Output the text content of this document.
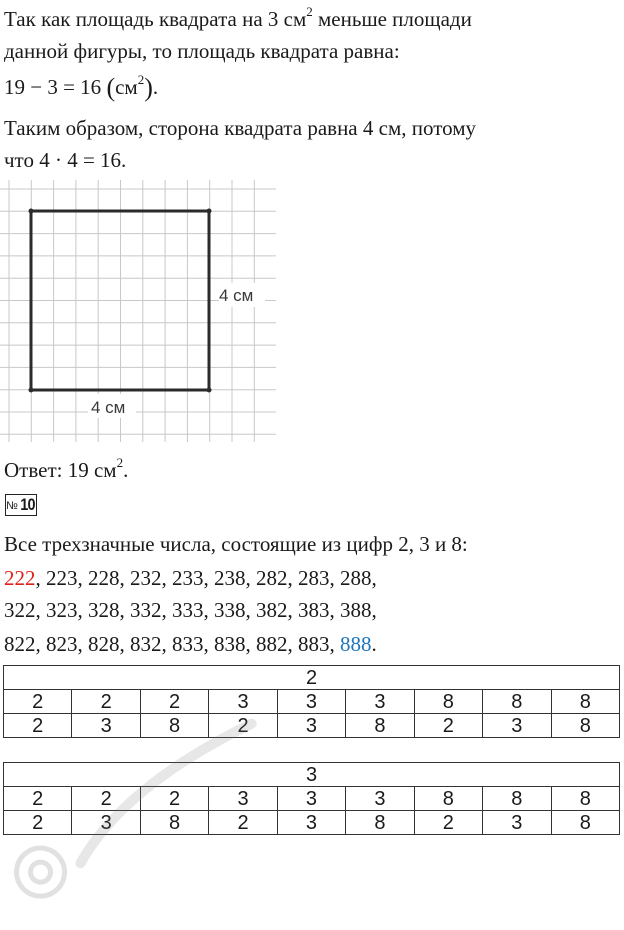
Так как площадь квадрата на 3 $см^2$ меньше площади
данной фигуры, то площадь квадрата равна:
19 − 3 = 16 $(см^2)$.
Таким образом, сторона квадрата равна 4 см, потому
что 4 · 4 = 16.
4 см
4 см
Ответ: 19 $см^2$.
№ 10
Все трехзначные числа, состоящие из цифр 2, 3 и 8:
222, 223, 228, 232, 233, 238, 282, 283, 288,
322, 323, 328, 332, 333, 338, 382, 383, 388,
822, 823, 828, 832, 833, 838, 882, 883, 888.
2								
2	2	2	3	3	3	8	8	8
2	3	8	2	3	8	2	3	8
3								
2	2	2	3	3	3	8	8	8
2	3	8	2	3	8	2	3	8
